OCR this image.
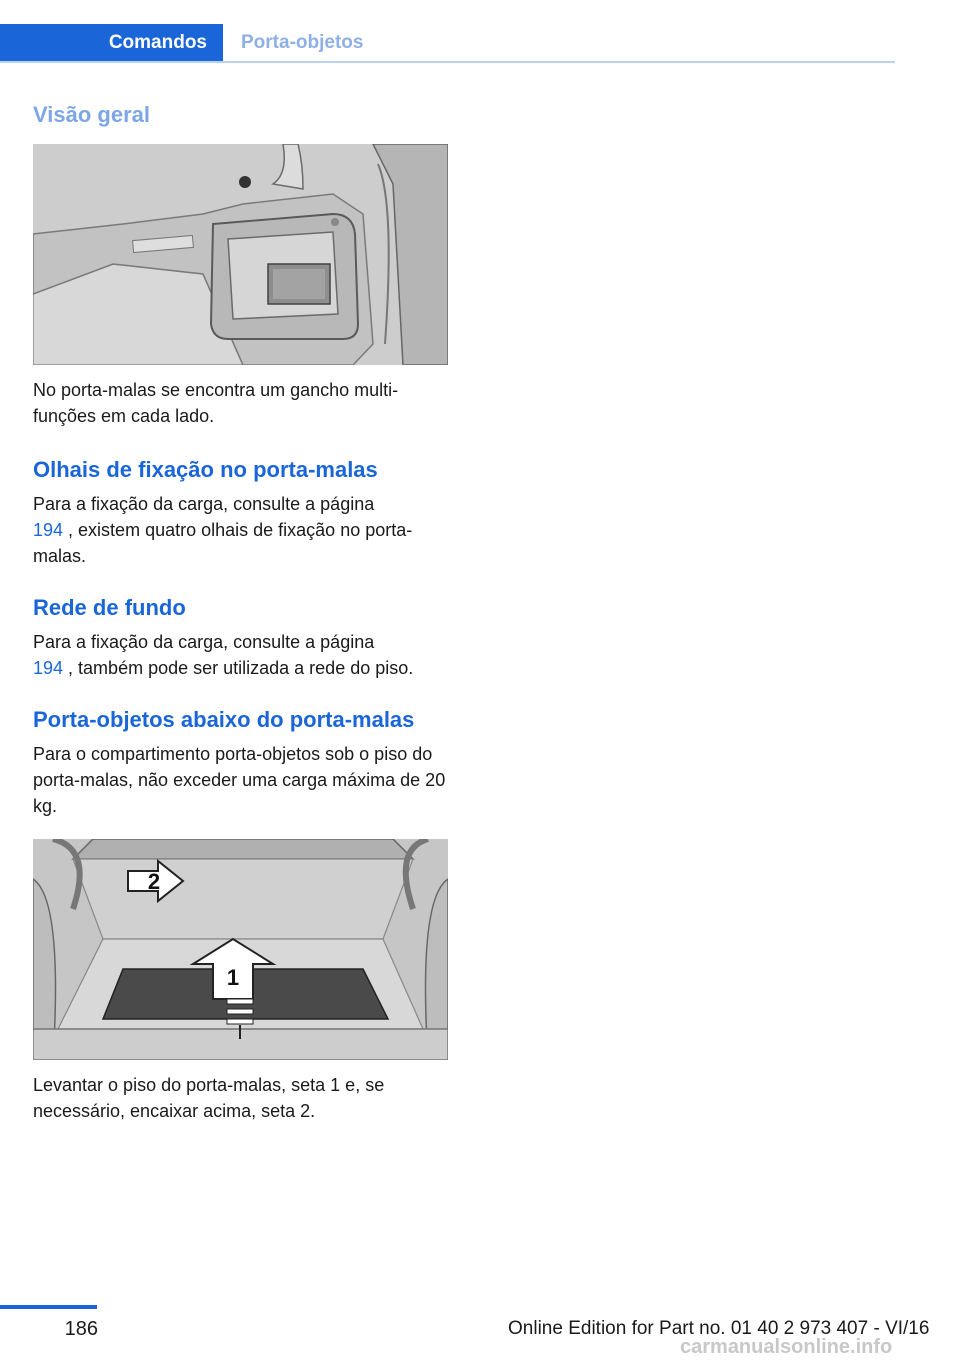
Comandos	Porta-objetos
Visão geral

No porta-malas se encontra um gancho multi-funções em cada lado.

Olhais de fixação no porta-malas

Para a fixação da carga, consulte a página
194 , existem quatro olhais de fixação no porta-malas.

Rede de fundo

Para a fixação da carga, consulte a página
194 , também pode ser utilizada a rede do piso.

Porta-objetos abaixo do porta-malas

Para o compartimento porta-objetos sob o piso do porta-malas, não exceder uma carga máxima de 20 kg.

1
2

Levantar o piso do porta-malas, seta 1 e, se necessário, encaixar acima, seta 2.

186	Online Edition for Part no. 01 40 2 973 407 - VI/16
carmanualsonline.info
